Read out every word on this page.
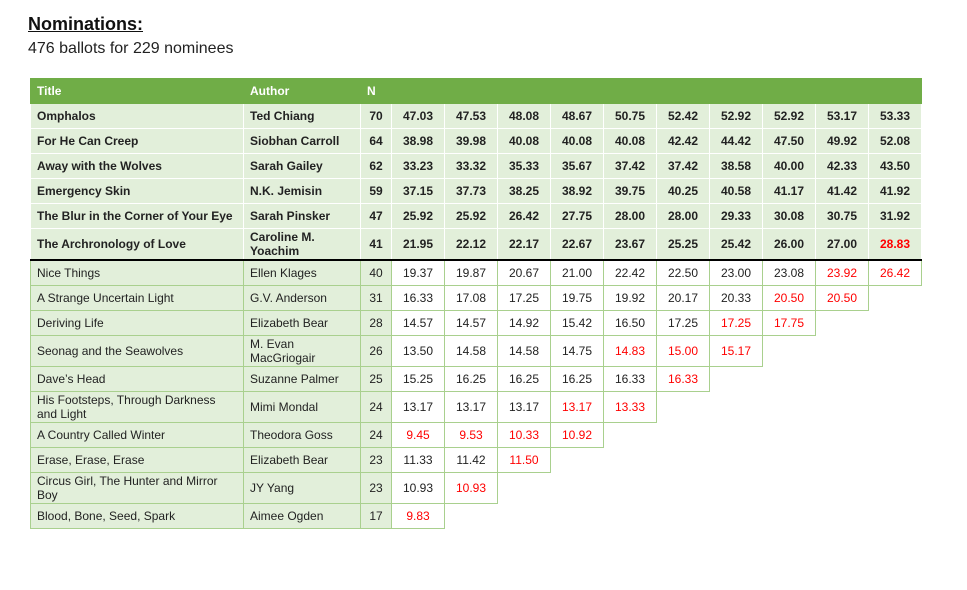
Nominations:
476 ballots for 229 nominees
Title	Author	N										
Omphalos	Ted Chiang	70	47.03	47.53	48.08	48.67	50.75	52.42	52.92	52.92	53.17	53.33
For He Can Creep	Siobhan Carroll	64	38.98	39.98	40.08	40.08	40.08	42.42	44.42	47.50	49.92	52.08
Away with the Wolves	Sarah Gailey	62	33.23	33.32	35.33	35.67	37.42	37.42	38.58	40.00	42.33	43.50
Emergency Skin	N.K. Jemisin	59	37.15	37.73	38.25	38.92	39.75	40.25	40.58	41.17	41.42	41.92
The Blur in the Corner of Your Eye	Sarah Pinsker	47	25.92	25.92	26.42	27.75	28.00	28.00	29.33	30.08	30.75	31.92
The Archronology of Love	Caroline M. Yoachim	41	21.95	22.12	22.17	22.67	23.67	25.25	25.42	26.00	27.00	28.83
Nice Things	Ellen Klages	40	19.37	19.87	20.67	21.00	22.42	22.50	23.00	23.08	23.92	26.42
A Strange Uncertain Light	G.V. Anderson	31	16.33	17.08	17.25	19.75	19.92	20.17	20.33	20.50	20.50	
Deriving Life	Elizabeth Bear	28	14.57	14.57	14.92	15.42	16.50	17.25	17.25	17.75		
Seonag and the Seawolves	M. Evan MacGriogair	26	13.50	14.58	14.58	14.75	14.83	15.00	15.17			
Dave’s Head	Suzanne Palmer	25	15.25	16.25	16.25	16.25	16.33	16.33				
His Footsteps, Through Darkness and Light	Mimi Mondal	24	13.17	13.17	13.17	13.17	13.33					
A Country Called Winter	Theodora Goss	24	9.45	9.53	10.33	10.92						
Erase, Erase, Erase	Elizabeth Bear	23	11.33	11.42	11.50							
Circus Girl, The Hunter and Mirror Boy	JY Yang	23	10.93	10.93								
Blood, Bone, Seed, Spark	Aimee Ogden	17	9.83									
